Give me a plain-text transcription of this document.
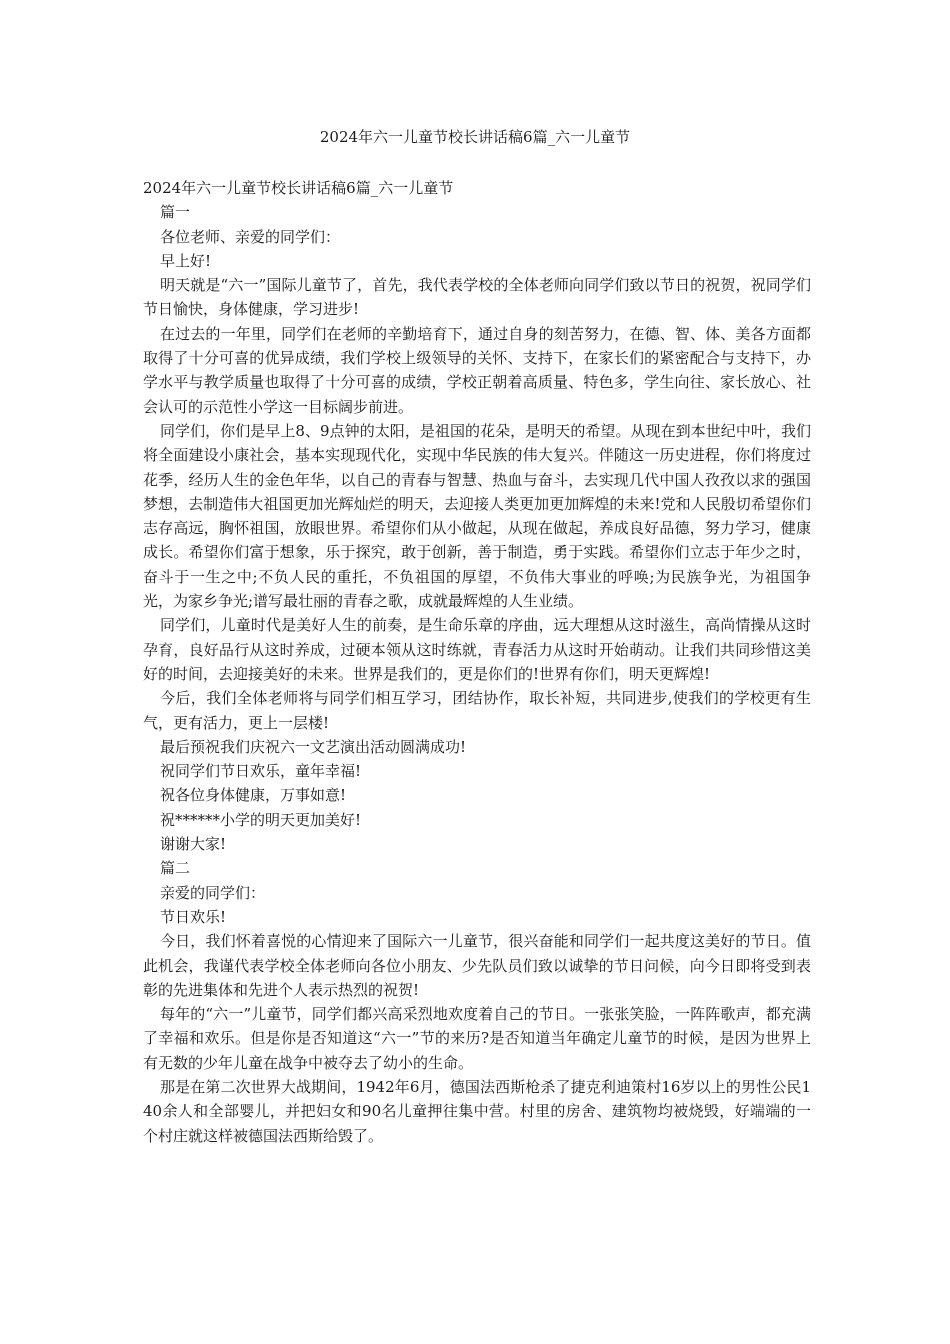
2024年六一儿童节校长讲话稿6篇_六一儿童节

2024年六一儿童节校长讲话稿6篇_六一儿童节

篇一

各位老师、亲爱的同学们：

早上好!

明天就是“六一”国际儿童节了，首先，我代表学校的全体老师向同学们致以节日的祝贺，祝同学们节日愉快，身体健康，学习进步!

在过去的一年里，同学们在老师的辛勤培育下，通过自身的刻苦努力，在德、智、体、美各方面都取得了十分可喜的优异成绩，我们学校上级领导的关怀、支持下，在家长们的紧密配合与支持下，办学水平与教学质量也取得了十分可喜的成绩，学校正朝着高质量、特色多，学生向往、家长放心、社会认可的示范性小学这一目标阔步前进。

同学们，你们是早上8、9点钟的太阳，是祖国的花朵，是明天的希望。从现在到本世纪中叶，我们将全面建设小康社会，基本实现现代化，实现中华民族的伟大复兴。伴随这一历史进程，你们将度过花季，经历人生的金色年华，以自己的青春与智慧、热血与奋斗，去实现几代中国人孜孜以求的强国梦想，去制造伟大祖国更加光辉灿烂的明天，去迎接人类更加更加辉煌的未来!党和人民殷切希望你们志存高远，胸怀祖国，放眼世界。希望你们从小做起，从现在做起，养成良好品德，努力学习，健康成长。希望你们富于想象，乐于探究，敢于创新，善于制造，勇于实践。希望你们立志于年少之时，奋斗于一生之中;不负人民的重托，不负祖国的厚望，不负伟大事业的呼唤;为民族争光，为祖国争光，为家乡争光;谱写最壮丽的青春之歌，成就最辉煌的人生业绩。

同学们，儿童时代是美好人生的前奏，是生命乐章的序曲，远大理想从这时滋生，高尚情操从这时孕育，良好品行从这时养成，过硬本领从这时练就，青春活力从这时开始萌动。让我们共同珍惜这美好的时间，去迎接美好的未来。世界是我们的，更是你们的!世界有你们，明天更辉煌!

今后，我们全体老师将与同学们相互学习，团结协作，取长补短，共同进步,使我们的学校更有生气，更有活力，更上一层楼!

最后预祝我们庆祝六一文艺演出活动圆满成功!

祝同学们节日欢乐，童年幸福!

祝各位身体健康，万事如意!

祝******小学的明天更加美好!

谢谢大家!

篇二

亲爱的同学们：

节日欢乐!

今日，我们怀着喜悦的心情迎来了国际六一儿童节，很兴奋能和同学们一起共度这美好的节日。值此机会，我谨代表学校全体老师向各位小朋友、少先队员们致以诚挚的节日问候，向今日即将受到表彰的先进集体和先进个人表示热烈的祝贺!

每年的“六一”儿童节，同学们都兴高采烈地欢度着自己的节日。一张张笑脸，一阵阵歌声，都充满了幸福和欢乐。但是你是否知道这“六一”节的来历?是否知道当年确定儿童节的时候，是因为世界上有无数的少年儿童在战争中被夺去了幼小的生命。

那是在第二次世界大战期间，1942年6月，德国法西斯枪杀了捷克利迪策村16岁以上的男性公民140余人和全部婴儿，并把妇女和90名儿童押往集中营。村里的房舍、建筑物均被烧毁，好端端的一个村庄就这样被德国法西斯给毁了。
